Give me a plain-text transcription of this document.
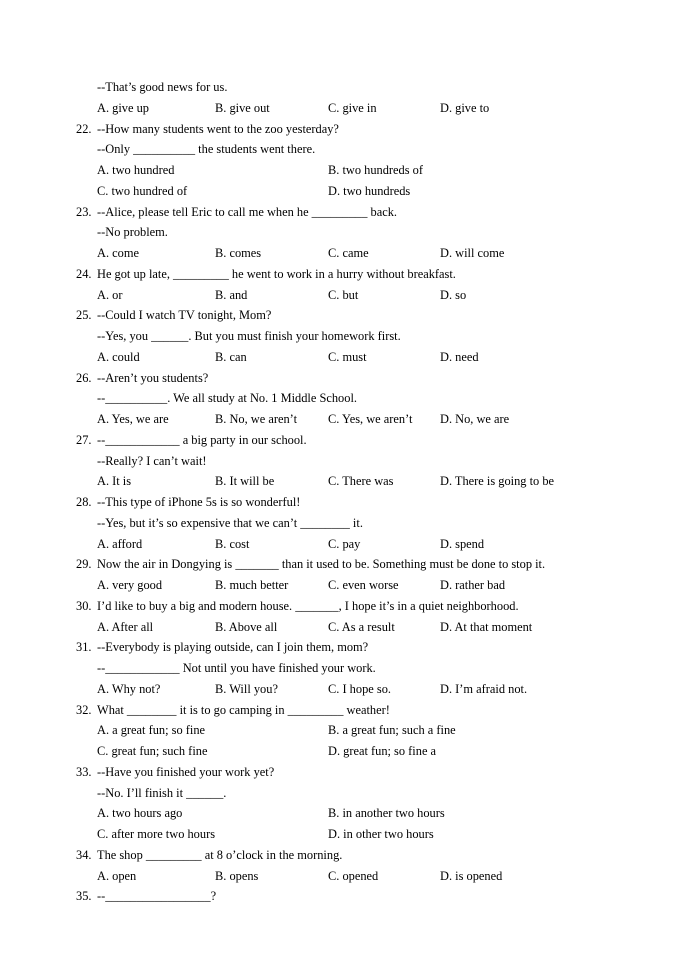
--That’s good news for us.
A. give up	B. give out	C. give in	D. give to
22. --How many students went to the zoo yesterday?
--Only __________ the students went there.
A. two hundred	B. two hundreds of
C. two hundred of	D. two hundreds
23. --Alice, please tell Eric to call me when he _________ back.
--No problem.
A. come	B. comes	C. came	D. will come
24. He got up late, _________ he went to work in a hurry without breakfast.
A. or	B. and	C. but	D. so
25. --Could I watch TV tonight, Mom?
--Yes, you ______. But you must finish your homework first.
A. could	B. can	C. must	D. need
26. --Aren’t you students?
--__________. We all study at No. 1 Middle School.
A. Yes, we are	B. No, we aren’t C. Yes, we aren’t D. No, we are
27. --____________ a big party in our school.
--Really? I can’t wait!
A. It is	B. It will be	C. There was	D. There is going to be
28. --This type of iPhone 5s is so wonderful!
--Yes, but it’s so expensive that we can’t ________ it.
A. afford	B. cost	C. pay	D. spend
29. Now the air in Dongying is _______ than it used to be. Something must be done to stop it.
A. very good	B. much better	C. even worse	D. rather bad
30. I’d like to buy a big and modern house. _______, I hope it’s in a quiet neighborhood.
A. After all	B. Above all	C. As a result	D. At that moment
31. --Everybody is playing outside, can I join them, mom?
--____________ Not until you have finished your work.
A. Why not?	B. Will you?	C. I hope so.	D. I’m afraid not.
32. What ________ it is to go camping in _________ weather!
A. a great fun; so fine	B. a great fun; such a fine
C. great fun; such fine	D. great fun; so fine a
33. --Have you finished your work yet?
--No. I’ll finish it ______.
A. two hours ago	B. in another two hours
C. after more two hours	D. in other two hours
34. The shop _________ at 8 o’clock in the morning.
A. open	B. opens	C. opened	D. is opened
35. --_________________?
